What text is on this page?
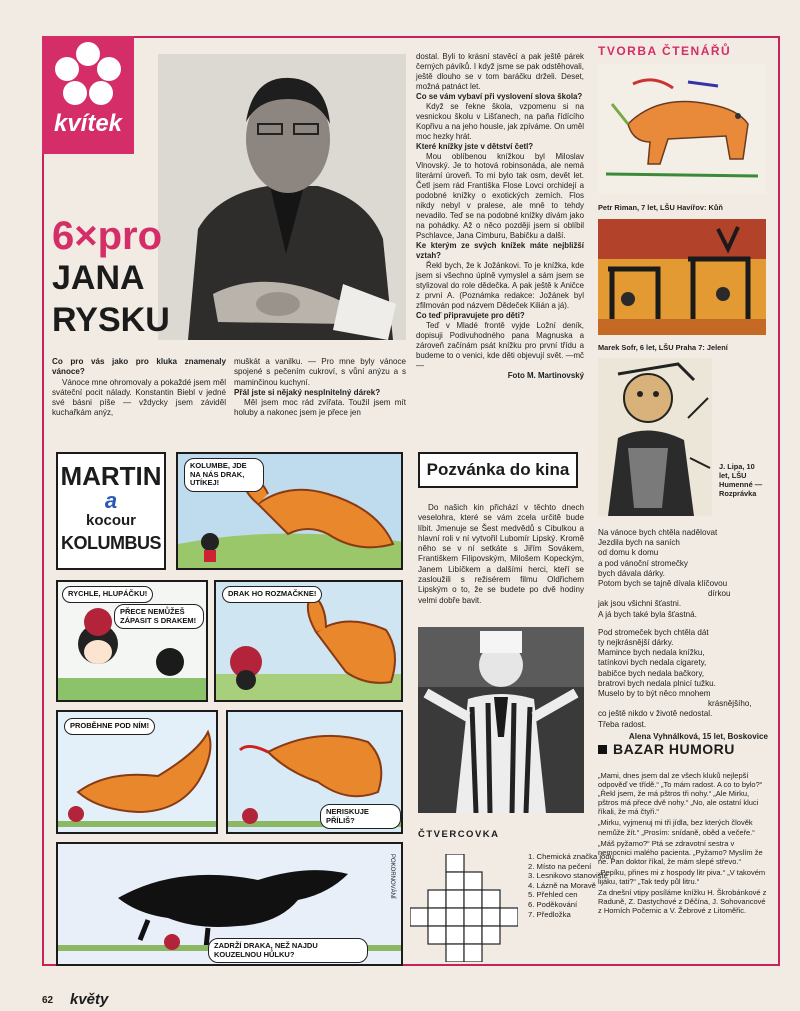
kvítek
6×pro
JANA
RYSKU

Co pro vás jako pro kluka znamenaly vánoce?

Vánoce mne ohromovaly a pokaždé jsem měl sváteční pocit nálady. Konstantin Biebl v jedné své básni píše — vždycky jsem záviděl kuchařkám anýz,

muškát a vanilku. — Pro mne byly vánoce spojené s pečením cukroví, s vůní anýzu a s maminčinou kuchyní.

Přál jste si nějaký nesplnitelný dárek?

Měl jsem moc rád zvířata. Toužil jsem mít holuby a nakonec jsem je přece jen

dostal. Byli to krásní stavěcí a pak ještě párek černých pávíků. I když jsme se pak odstěhovali, ještě dlouho se v tom baráčku drželi. Deset, možná patnáct let.

Co se vám vybaví při vyslovení slova škola?

Když se řekne škola, vzpomenu si na vesnickou školu v Lišťanech, na paňa řídícího Kopřivu a na jeho housle, jak zpíváme. On uměl moc hezky hrát.

Které knížky jste v dětství četl?

Mou oblíbenou knížkou byl Miloslav Vlnovský. Je to hotová robinsonáda, ale nemá literární úroveň. To mi bylo tak osm, devět let. Četl jsem rád Františka Flose Lovci orchidejí a podobné knížky o exotických zemích. Flos nikdy nebyl v pralese, ale mně to tehdy nevadilo. Teď se na podobné knížky dívám jako na pohádky. Až o něco později jsem si oblíbil Pschlavce, Jana Cimburu, Babičku a další.

Ke kterým ze svých knížek máte nejbližší vztah?

Řekl bych, že k Jožánkovi. To je knížka, kde jsem si všechno úplně vymyslel a sám jsem se stylizoval do role dědečka. A pak ještě k Aničce z první A. (Poznámka redakce: Jožánek byl zfilmován pod názvem Dědeček Kilián a já).

Co teď připravujete pro děti?

Teď v Mladé frontě vyjde Ložní deník, dopisuji Podivuhodného pana Magnuska a zároveň začínám psát knížku pro první třídu a budeme to o venici, kde děti objevují svět. —mč—

Foto M. Martinovský

TVORBA ČTENÁŘŮ
Petr Riman, 7 let, LŠU Havířov: Kůň
Marek Sofr, 6 let, LŠU Praha 7: Jelení
J. Lipa, 10 let, LŠU Humenné — Rozprávka
Na vánoce bych chtěla nadělovat
Jezdila bych na saních
od domu k domu
a pod vánoční stromečky
bych dávala dárky.
Potom bych se tajně dívala klíčovou
dírkou
jak jsou všichni šťastni.
A já bych také byla šťastná.
Pod stromeček bych chtěla dát
ty nejkrásnější dárky.
Mamince bych nedala knížku,
tatínkovi bych nedala cigarety,
babičce bych nedala bačkory,
bratrovi bych nedala plnicí tužku.
Muselo by to být něco mnohem
krásnějšího,
co ještě nikdo v životě nedostal.
Třeba radost.
Alena Vyhnálková, 15 let, Boskovice
BAZAR HUMORU

„Mami, dnes jsem dal ze všech kluků nejlepší odpověď ve třídě.“ „To mám radost. A co to bylo?“ „Řekl jsem, že má pštros tři nohy.“ „Ale Mirku, pštros má přece dvě nohy.“ „No, ale ostatní kluci říkali, že má čtyři.“

„Mirku, vyjmenuj mi tři jídla, bez kterých člověk nemůže žít.“ „Prosím: snídaně, oběd a večeře.“

„Máš pyžamo?“ Ptá se zdravotní sestra v nemocnici malého pacienta. „Pyžamo? Myslím že ne. Pan doktor říkal, že mám slepé střevo.“

„Pepíku, přines mi z hospody litr piva.“ „V takovém lijáku, tati?“ „Tak tedy půl litru.“

Za dnešní vtipy posíláme knížku H. Škrobánkové z Raduně, Z. Dastychové z Děčína, J. Sohovancové z Horních Počernic a V. Žebrové z Litoměřic.

MARTIN
a
kocour
KOLUMBUS
KOLUMBE, JDE NA NÁS DRAK, UTÍKEJ!
RYCHLE, HLUPÁČKU!
PŘECE NEMŮŽEŠ ZÁPASIT S DRAKEM!
DRAK HO ROZMAČKNE!
PROBĚHNE POD NÍM!
NERISKUJE PŘÍLIŠ?
ZADRŽÍ DRAKA, NEŽ NAJDU KOUZELNOU HŮLKU?
POKORNOVÁNÍ
Pozvánka do kina
Do našich kin přichází v těchto dnech veselohra, které se vám zcela určitě bude líbit. Jmenuje se Šest medvědů s Cibulkou a hlavní roli v ní vytvořil Lubomír Lipský. Kromě něho se v ní setkáte s Jiřím Sovákem, Františkem Filipovským, Milošem Kopeckým, Janem Libíčkem a dalšími herci, kteří se zasloužili s režisérem filmu Oldřichem Lipským o to, že se budete po dvě hodiny velmi dobře bavit.
ČTVERCOVKA
1. Chemická značka jódu
2. Místo na pečení
3. Lesnikovo stanoviště
4. Lázně na Moravě
5. Přehled cen
6. Poděkování
7. Předložka
62 květy
